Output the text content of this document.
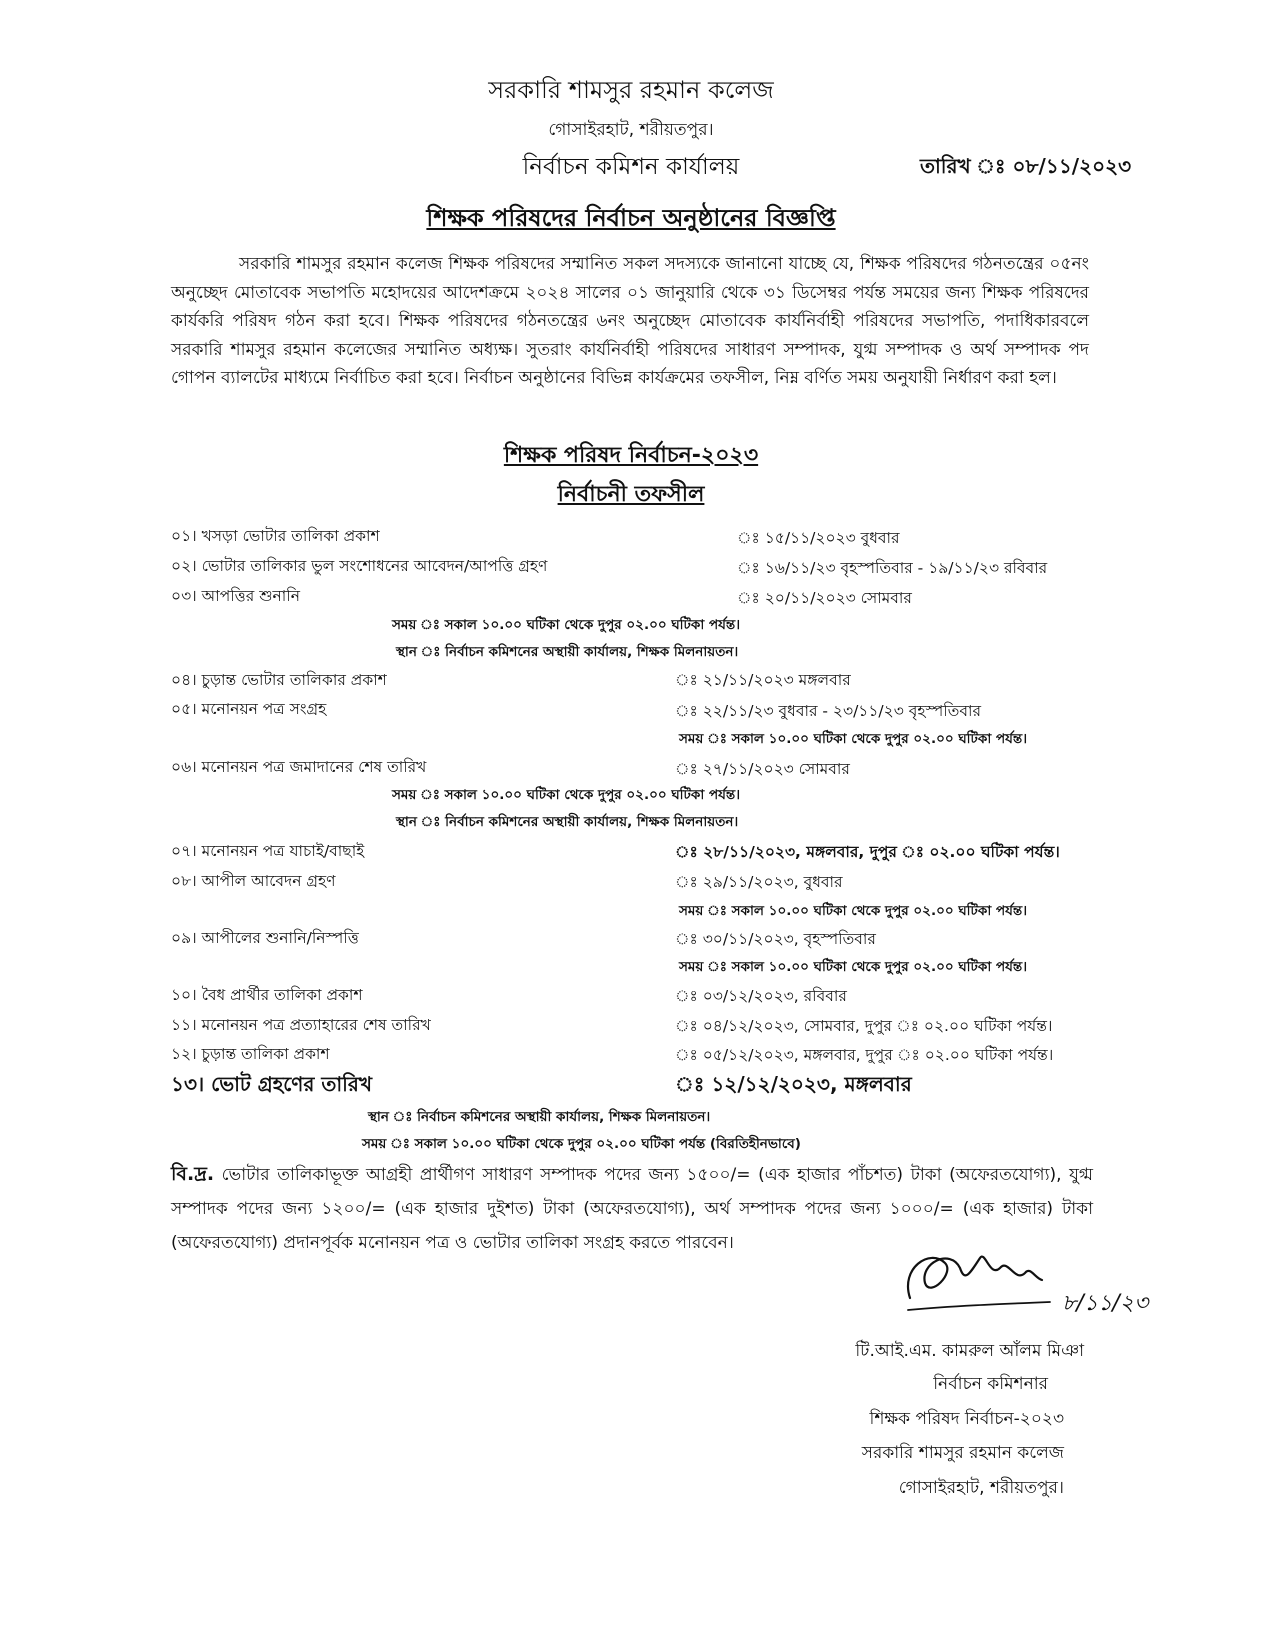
সরকারি শামসুর রহমান কলেজ
গোসাইরহাট, শরীয়তপুর।
নির্বাচন কমিশন কার্যালয়	তারিখ ঃ ০৮/১১/২০২৩
শিক্ষক পরিষদের নির্বাচন অনুষ্ঠানের বিজ্ঞপ্তি
সরকারি শামসুর রহমান কলেজ শিক্ষক পরিষদের সম্মানিত সকল সদস্যকে জানানো যাচ্ছে যে, শিক্ষক পরিষদের গঠনতন্ত্রের ০৫নং অনুচ্ছেদ মোতাবেক সভাপতি মহোদয়ের আদেশক্রমে ২০২৪ সালের ০১ জানুয়ারি থেকে ৩১ ডিসেম্বর পর্যন্ত সময়ের জন্য শিক্ষক পরিষদের কার্যকরি পরিষদ গঠন করা হবে। শিক্ষক পরিষদের গঠনতন্ত্রের ৬নং অনুচ্ছেদ মোতাবেক কার্যনির্বাহী পরিষদের সভাপতি, পদাধিকারবলে সরকারি শামসুর রহমান কলেজের সম্মানিত অধ্যক্ষ। সুতরাং কার্যনির্বাহী পরিষদের সাধারণ সম্পাদক, যুগ্ম সম্পাদক ও অর্থ সম্পাদক পদ গোপন ব্যালটের মাধ্যমে নির্বাচিত করা হবে। নির্বাচন অনুষ্ঠানের বিভিন্ন কার্যক্রমের তফসীল, নিম্ন বর্ণিত সময় অনুযায়ী নির্ধারণ করা হল।
শিক্ষক পরিষদ নির্বাচন-২০২৩
নির্বাচনী তফসীল
০১। খসড়া ভোটার তালিকা প্রকাশ	ঃ ১৫/১১/২০২৩ বুধবার
০২। ভোটার তালিকার ভুল সংশোধনের আবেদন/আপত্তি গ্রহণ	ঃ ১৬/১১/২৩ বৃহস্পতিবার - ১৯/১১/২৩ রবিবার
০৩। আপত্তির শুনানি	ঃ ২০/১১/২০২৩ সোমবার
সময় ঃ সকাল ১০.০০ ঘটিকা থেকে দুপুর ০২.০০ ঘটিকা পর্যন্ত।
স্থান ঃ নির্বাচন কমিশনের অস্থায়ী কার্যালয়, শিক্ষক মিলনায়তন।
০৪। চুড়ান্ত ভোটার তালিকার প্রকাশ	ঃ ২১/১১/২০২৩ মঙ্গলবার
০৫। মনোনয়ন পত্র সংগ্রহ	ঃ ২২/১১/২৩ বুধবার - ২৩/১১/২৩ বৃহস্পতিবার
সময় ঃ সকাল ১০.০০ ঘটিকা থেকে দুপুর ০২.০০ ঘটিকা পর্যন্ত।
০৬। মনোনয়ন পত্র জমাদানের শেষ তারিখ	ঃ ২৭/১১/২০২৩ সোমবার
সময় ঃ সকাল ১০.০০ ঘটিকা থেকে দুপুর ০২.০০ ঘটিকা পর্যন্ত।
স্থান ঃ নির্বাচন কমিশনের অস্থায়ী কার্যালয়, শিক্ষক মিলনায়তন।
০৭। মনোনয়ন পত্র যাচাই/বাছাই	ঃ ২৮/১১/২০২৩, মঙ্গলবার, দুপুর ঃ ০২.০০ ঘটিকা পর্যন্ত।
০৮। আপীল আবেদন গ্রহণ	ঃ ২৯/১১/২০২৩, বুধবার
সময় ঃ সকাল ১০.০০ ঘটিকা থেকে দুপুর ০২.০০ ঘটিকা পর্যন্ত।
০৯। আপীলের শুনানি/নিস্পত্তি	ঃ ৩০/১১/২০২৩, বৃহস্পতিবার
সময় ঃ সকাল ১০.০০ ঘটিকা থেকে দুপুর ০২.০০ ঘটিকা পর্যন্ত।
১০। বৈধ প্রার্থীর তালিকা প্রকাশ	ঃ ০৩/১২/২০২৩, রবিবার
১১। মনোনয়ন পত্র প্রত্যাহারের শেষ তারিখ	ঃ ০৪/১২/২০২৩, সোমবার, দুপুর ঃ ০২.০০ ঘটিকা পর্যন্ত।
১২। চুড়ান্ত তালিকা প্রকাশ	ঃ ০৫/১২/২০২৩, মঙ্গলবার, দুপুর ঃ ০২.০০ ঘটিকা পর্যন্ত।
১৩। ভোট গ্রহণের তারিখ	ঃ ১২/১২/২০২৩, মঙ্গলবার
স্থান ঃ নির্বাচন কমিশনের অস্থায়ী কার্যালয়, শিক্ষক মিলনায়তন।
সময় ঃ সকাল ১০.০০ ঘটিকা থেকে দুপুর ০২.০০ ঘটিকা পর্যন্ত (বিরতিহীনভাবে)
বি.দ্র. ভোটার তালিকাভূক্ত আগ্রহী প্রার্থীগণ সাধারণ সম্পাদক পদের জন্য ১৫০০/= (এক হাজার পাঁচশত) টাকা (অফেরতযোগ্য), যুগ্ম সম্পাদক পদের জন্য ১২০০/= (এক হাজার দুইশত) টাকা (অফেরতযোগ্য), অর্থ সম্পাদক পদের জন্য ১০০০/= (এক হাজার) টাকা (অফেরতযোগ্য) প্রদানপূর্বক মনোনয়ন পত্র ও ভোটার তালিকা সংগ্রহ করতে পারবেন।
৮/১১/২৩
টি.আই.এম. কামরুল আঁলম মিঞা
নির্বাচন কমিশনার
শিক্ষক পরিষদ নির্বাচন-২০২৩
সরকারি শামসুর রহমান কলেজ
গোসাইরহাট, শরীয়তপুর।
